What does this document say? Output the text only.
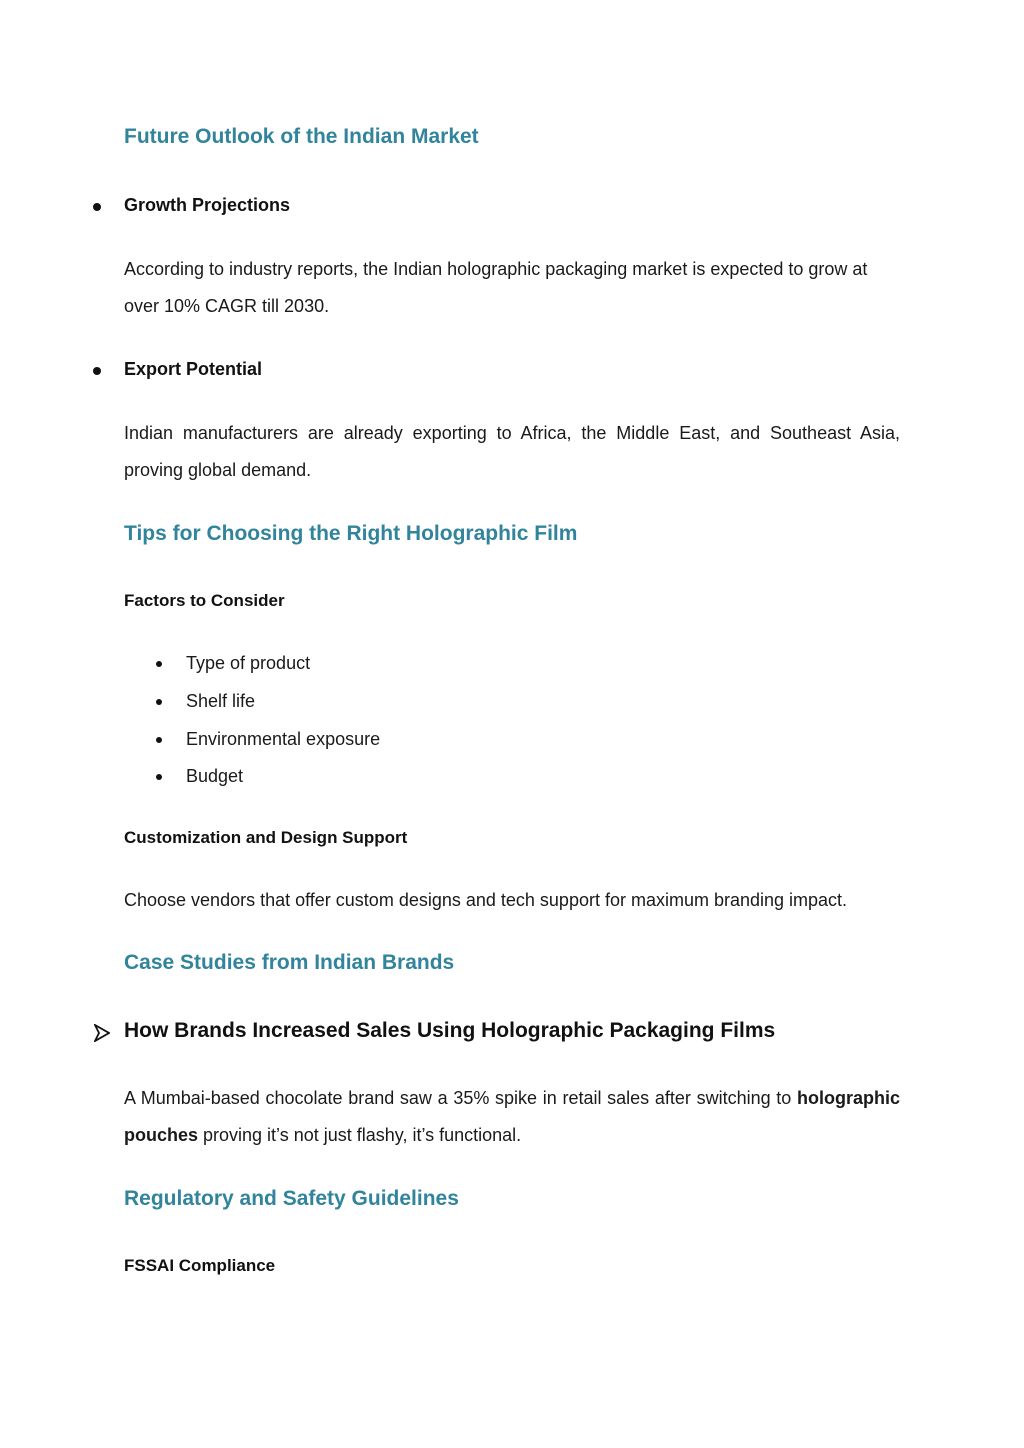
Future Outlook of the Indian Market
Growth Projections

According to industry reports, the Indian holographic packaging market is expected to grow at over 10% CAGR till 2030.

Export Potential

Indian manufacturers are already exporting to Africa, the Middle East, and Southeast Asia, proving global demand.

Tips for Choosing the Right Holographic Film
Factors to Consider
Type of product
Shelf life
Environmental exposure
Budget
Customization and Design Support

Choose vendors that offer custom designs and tech support for maximum branding impact.

Case Studies from Indian Brands
How Brands Increased Sales Using Holographic Packaging Films

A Mumbai-based chocolate brand saw a 35% spike in retail sales after switching to holographic pouches proving it’s not just flashy, it’s functional.

Regulatory and Safety Guidelines
FSSAI Compliance
